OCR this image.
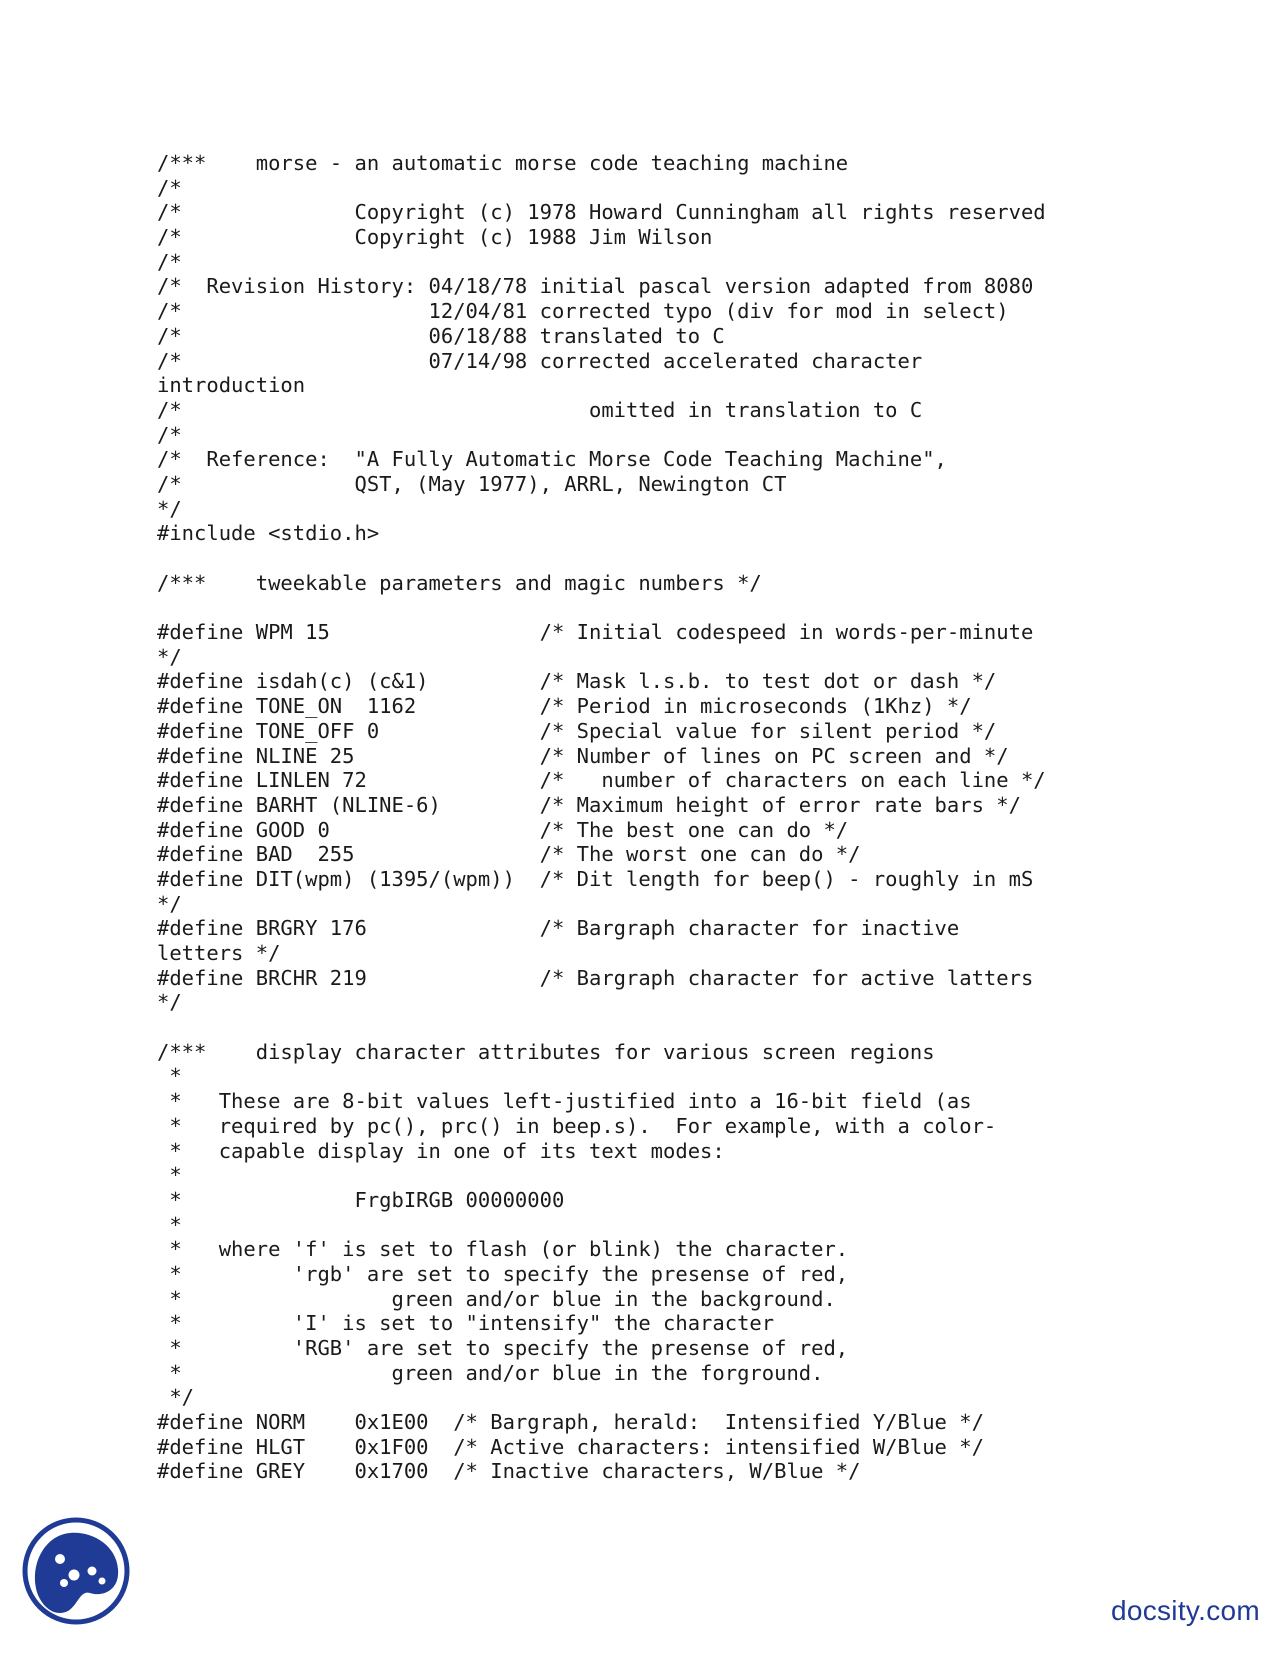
/***    morse - an automatic morse code teaching machine
/*
/*              Copyright (c) 1978 Howard Cunningham all rights reserved
/*              Copyright (c) 1988 Jim Wilson
/*
/*  Revision History: 04/18/78 initial pascal version adapted from 8080
/*                    12/04/81 corrected typo (div for mod in select)
/*                    06/18/88 translated to C
/*                    07/14/98 corrected accelerated character
introduction
/*                                 omitted in translation to C
/*
/*  Reference:  "A Fully Automatic Morse Code Teaching Machine",
/*              QST, (May 1977), ARRL, Newington CT
*/
#include <stdio.h>
/***    tweekable parameters and magic numbers */
#define WPM 15                 /* Initial codespeed in words-per-minute
*/
#define isdah(c) (c&1)         /* Mask l.s.b. to test dot or dash */
#define TONE_ON  1162          /* Period in microseconds (1Khz) */
#define TONE_OFF 0             /* Special value for silent period */
#define NLINE 25               /* Number of lines on PC screen and */
#define LINLEN 72              /*   number of characters on each line */
#define BARHT (NLINE-6)        /* Maximum height of error rate bars */
#define GOOD 0                 /* The best one can do */
#define BAD  255               /* The worst one can do */
#define DIT(wpm) (1395/(wpm))  /* Dit length for beep() - roughly in mS
*/
#define BRGRY 176              /* Bargraph character for inactive
letters */
#define BRCHR 219              /* Bargraph character for active latters
*/
/***    display character attributes for various screen regions
*
*   These are 8-bit values left-justified into a 16-bit field (as
*   required by pc(), prc() in beep.s).  For example, with a color-
*   capable display in one of its text modes:
*
*              FrgbIRGB 00000000
*
*   where 'f' is set to flash (or blink) the character.
*         'rgb' are set to specify the presense of red,
*                 green and/or blue in the background.
*         'I' is set to "intensify" the character
*         'RGB' are set to specify the presense of red,
*                 green and/or blue in the forground.
*/
#define NORM    0x1E00  /* Bargraph, herald:  Intensified Y/Blue */
#define HLGT    0x1F00  /* Active characters: intensified W/Blue */
#define GREY    0x1700  /* Inactive characters, W/Blue */
docsity.com
